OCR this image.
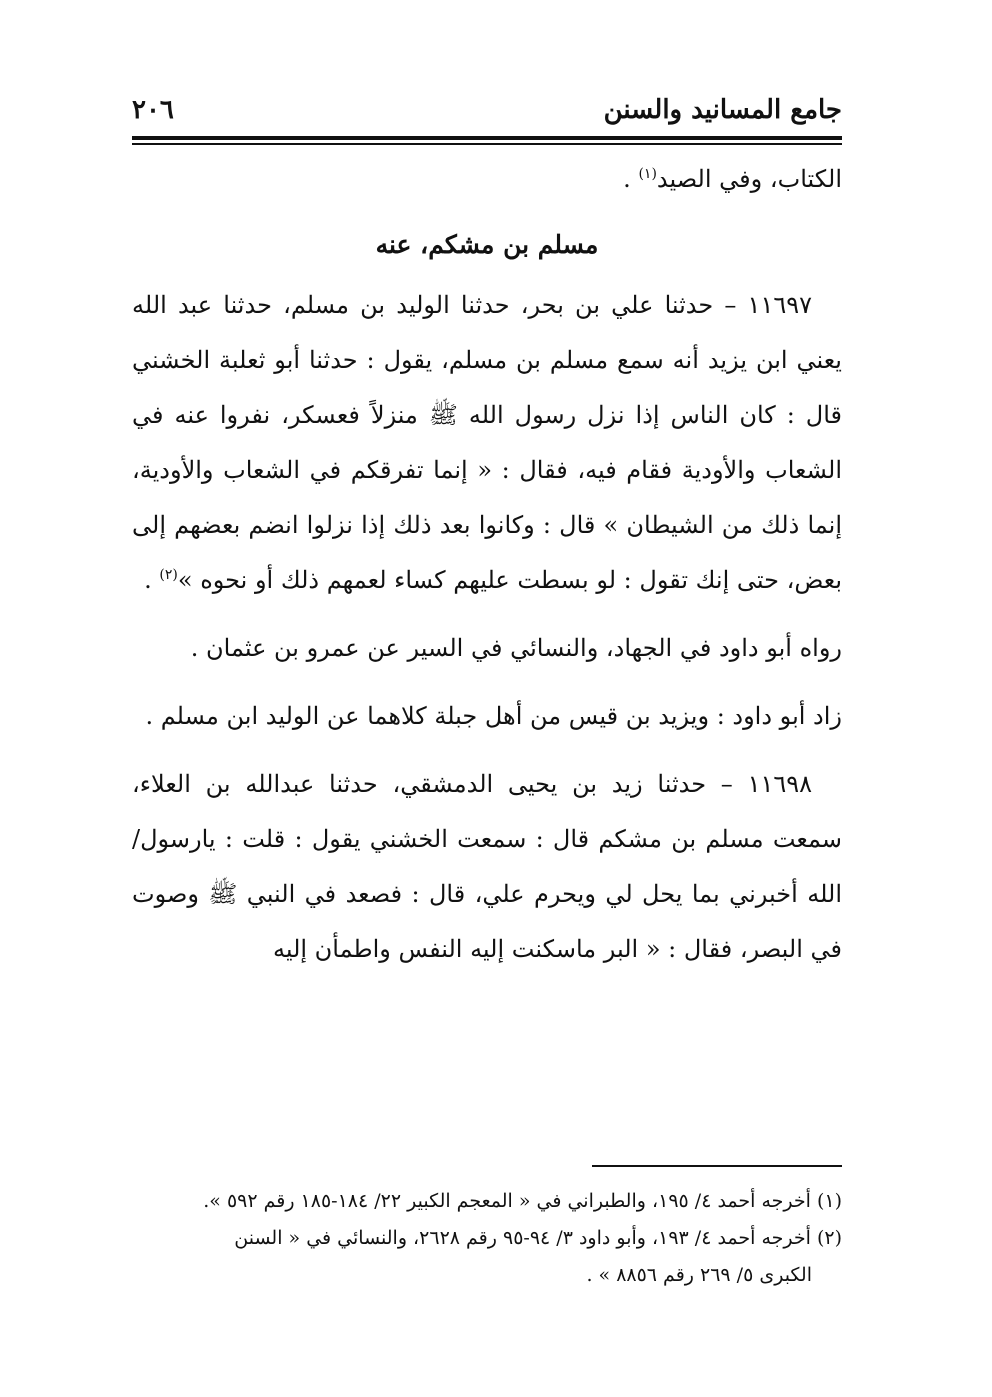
٢٠٦	جامع المسانيد والسنن

الكتاب، وفي الصيد$^{(١)}$ .

مسلم بن مشكم، عنه

١١٦٩٧ – حدثنا علي بن بحر، حدثنا الوليد بن مسلم، حدثنا عبد الله يعني ابن يزيد أنه سمع مسلم بن مسلم، يقول : حدثنا أبو ثعلبة الخشني قال : كان الناس إذا نزل رسول الله ﷺ منزلاً فعسكر، نفروا عنه في الشعاب والأودية فقام فيه، فقال : « إنما تفرقكم في الشعاب والأودية، إنما ذلك من الشيطان » قال : وكانوا بعد ذلك إذا نزلوا انضم بعضهم إلى بعض، حتى إنك تقول : لو بسطت عليهم كساء لعمهم ذلك أو نحوه »$^{(٢)}$ .

رواه أبو داود في الجهاد، والنسائي في السير عن عمرو بن عثمان .

زاد أبو داود : ويزيد بن قيس من أهل جبلة كلاهما عن الوليد ابن مسلم .

١١٦٩٨ – حدثنا زيد بن يحيى الدمشقي، حدثنا عبدالله بن العلاء، سمعت مسلم بن مشكم قال : سمعت الخشني يقول : قلت : يارسول/ الله أخبرني بما يحل لي ويحرم علي، قال : فصعد في النبي ﷺ وصوت في البصر، فقال : « البر ماسكنت إليه النفس واطمأن إليه

(١) أخرجه أحمد ٤/ ١٩٥، والطبراني في « المعجم الكبير ٢٢/ ١٨٤-١٨٥ رقم ٥٩٢ ».

(٢) أخرجه أحمد ٤/ ١٩٣، وأبو داود ٣/ ٩٤-٩٥ رقم ٢٦٢٨، والنسائي في « السنن

الكبرى ٥/ ٢٦٩ رقم ٨٨٥٦ » .
